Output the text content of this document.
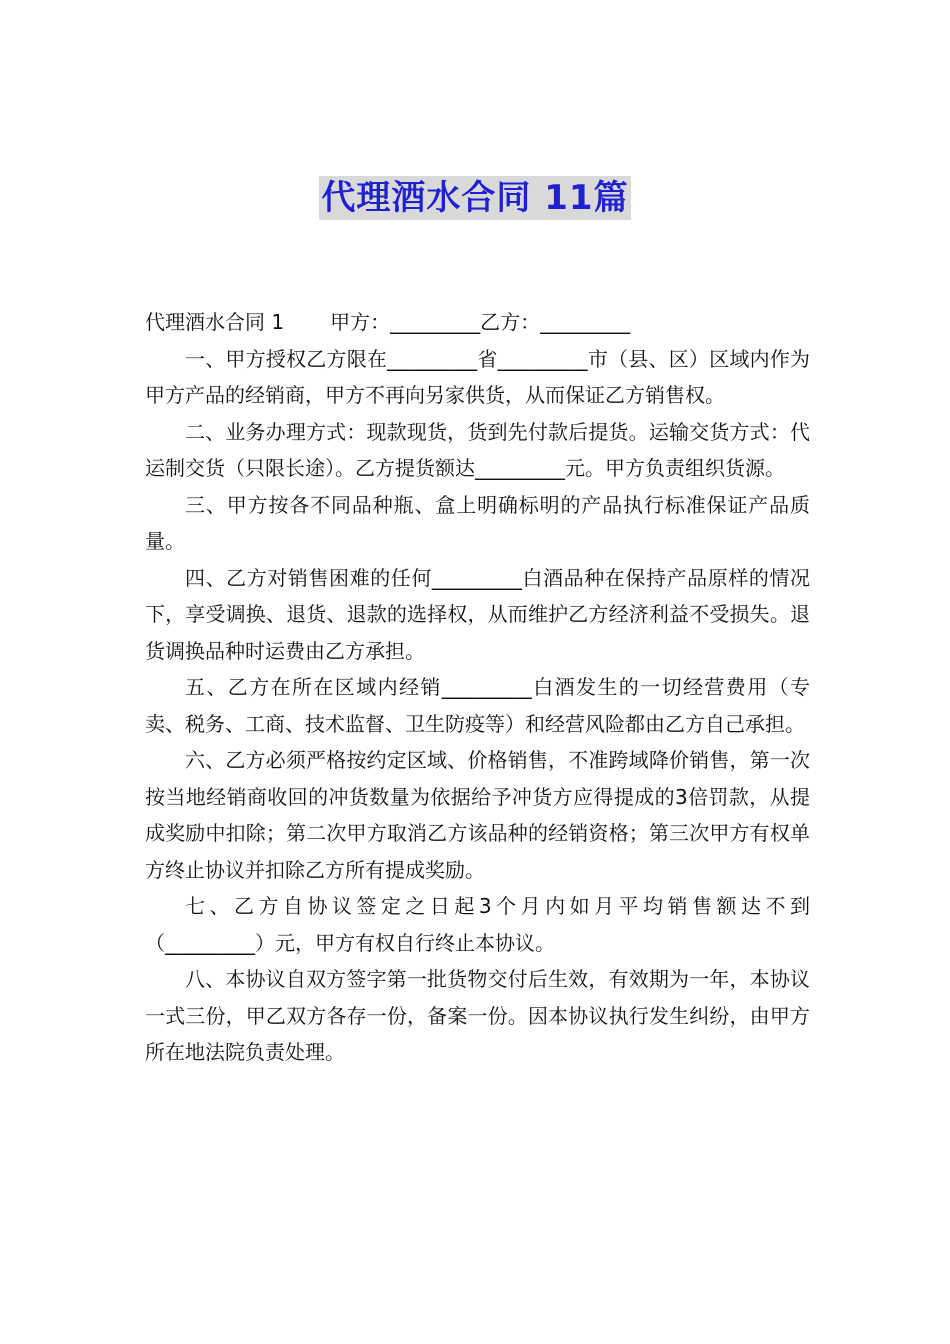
代理酒水合同 11篇

代理酒水合同 1 甲方：_________乙方：_________

一、甲方授权乙方限在_________省_________市（县、区）区域内作为甲方产品的经销商，甲方不再向另家供货，从而保证乙方销售权。

二、业务办理方式：现款现货，货到先付款后提货。运输交货方式：代运制交货（只限长途）。乙方提货额达_________元。甲方负责组织货源。

三、甲方按各不同品种瓶、盒上明确标明的产品执行标准保证产品质量。

四、乙方对销售困难的任何_________白酒品种在保持产品原样的情况下，享受调换、退货、退款的选择权，从而维护乙方经济利益不受损失。退货调换品种时运费由乙方承担。

五、乙方在所在区域内经销_________白酒发生的一切经营费用（专卖、税务、工商、技术监督、卫生防疫等）和经营风险都由乙方自己承担。

六、乙方必须严格按约定区域、价格销售，不准跨域降价销售，第一次按当地经销商收回的冲货数量为依据给予冲货方应得提成的3倍罚款，从提成奖励中扣除；第二次甲方取消乙方该品种的经销资格；第三次甲方有权单方终止协议并扣除乙方所有提成奖励。

七、乙方自协议签定之日起3个月内如月平均销售额达不到（_________）元，甲方有权自行终止本协议。

八、本协议自双方签字第一批货物交付后生效，有效期为一年，本协议一式三份，甲乙双方各存一份，备案一份。因本协议执行发生纠纷，由甲方所在地法院负责处理。
